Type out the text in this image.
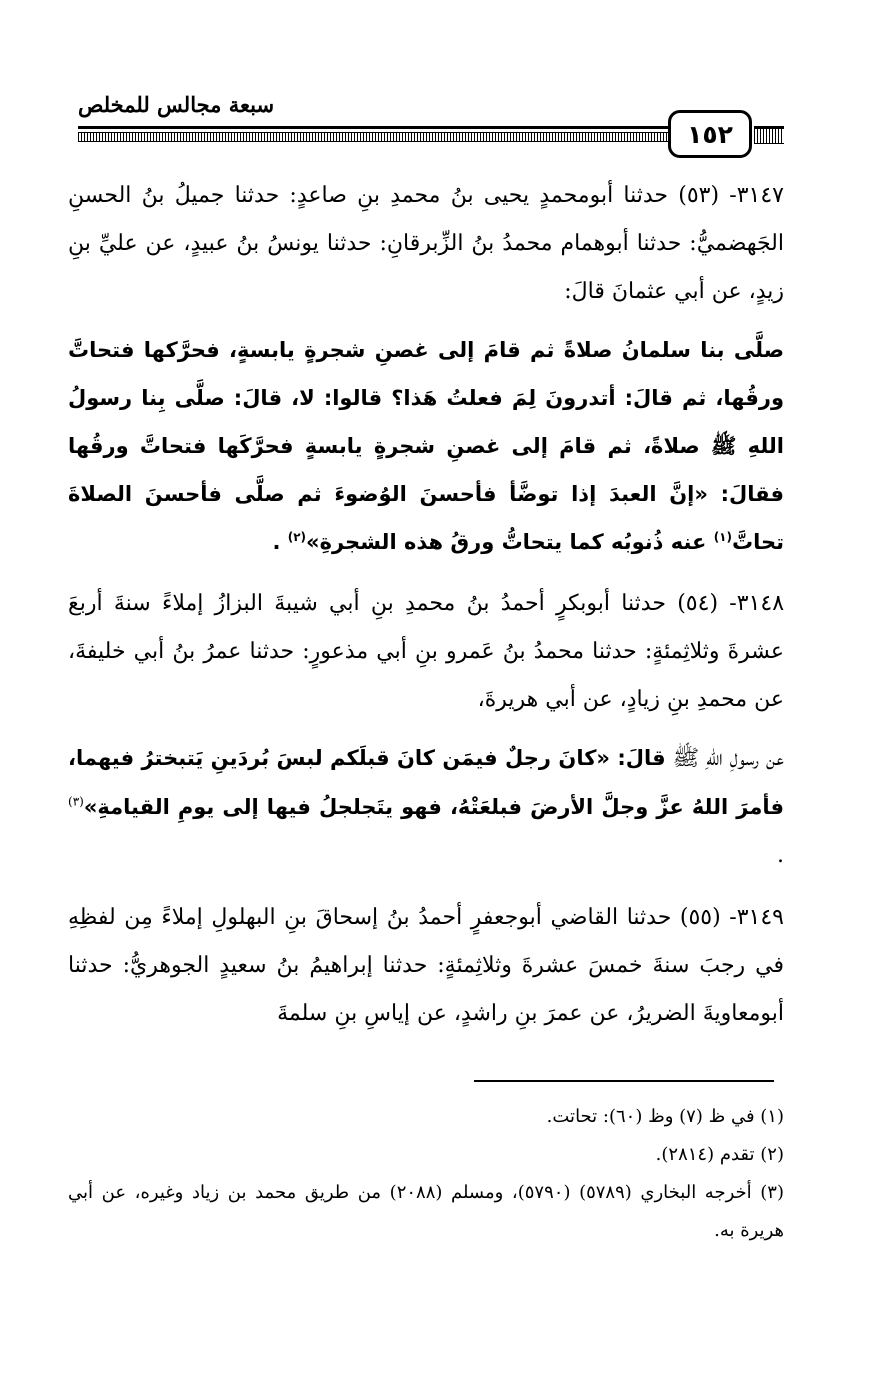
سبعة مجالس للمخلص
١٥٢

٣١٤٧- (٥٣) حدثنا أبومحمدٍ يحيى بنُ محمدِ بنِ صاعدٍ: حدثنا جميلُ بنُ الحسنِ الجَهضميُّ: حدثنا أبوهمام محمدُ بنُ الزِّبرقانِ: حدثنا يونسُ بنُ عبيدٍ، عن عليِّ بنِ زيدٍ، عن أبي عثمانَ قالَ:

صلَّى بنا سلمانُ صلاةً ثم قامَ إلى غصنِ شجرةٍ يابسةٍ، فحرَّكها فتحاتَّ ورقُها، ثم قالَ: أتدرونَ لِمَ فعلتُ هَذا؟ قالوا: لا، قالَ: صلَّى بِنا رسولُ اللهِ ﷺ صلاةً، ثم قامَ إلى غصنِ شجرةٍ يابسةٍ فحرَّكَها فتحاتَّ ورقُها فقالَ: «إنَّ العبدَ إذا توضَّأ فأحسنَ الوُضوءَ ثم صلَّى فأحسنَ الصلاةَ تحاتَّ$^{(١)}$ عنه ذُنوبُه كما يتحاتُّ ورقُ هذه الشجرةِ»$^{(٢)}$ .

٣١٤٨- (٥٤) حدثنا أبوبكرٍ أحمدُ بنُ محمدِ بنِ أبي شيبةَ البزازُ إملاءً سنةَ أربعَ عشرةَ وثلاثِمئةٍ: حدثنا محمدُ بنُ عَمرو بنِ أبي مذعورٍ: حدثنا عمرُ بنُ أبي خليفةَ، عن محمدِ بنِ زيادٍ، عن أبي هريرةَ،

عن رسولِ اللهِ ﷺ قالَ: «كانَ رجلٌ فيمَن كانَ قبلَكم لبسَ بُردَينِ يَتبخترُ فيهما، فأمرَ اللهُ عزَّ وجلَّ الأرضَ فبلعَتْهُ، فهو يتَجلجلُ فيها إلى يومِ القيامةِ»$^{(٣)}$ .

٣١٤٩- (٥٥) حدثنا القاضي أبوجعفرٍ أحمدُ بنُ إسحاقَ بنِ البهلولِ إملاءً مِن لفظِهِ في رجبَ سنةَ خمسَ عشرةَ وثلاثِمئةٍ: حدثنا إبراهيمُ بنُ سعيدٍ الجوهريُّ: حدثنا أبومعاويةَ الضريرُ، عن عمرَ بنِ راشدٍ، عن إياسِ بنِ سلمةَ

(١) في ظ (٧) وظ (٦٠): تحاتت.

(٢) تقدم (٢٨١٤).

(٣) أخرجه البخاري (٥٧٨٩) (٥٧٩٠)، ومسلم (٢٠٨٨) من طريق محمد بن زياد وغيره، عن أبي هريرة به.
